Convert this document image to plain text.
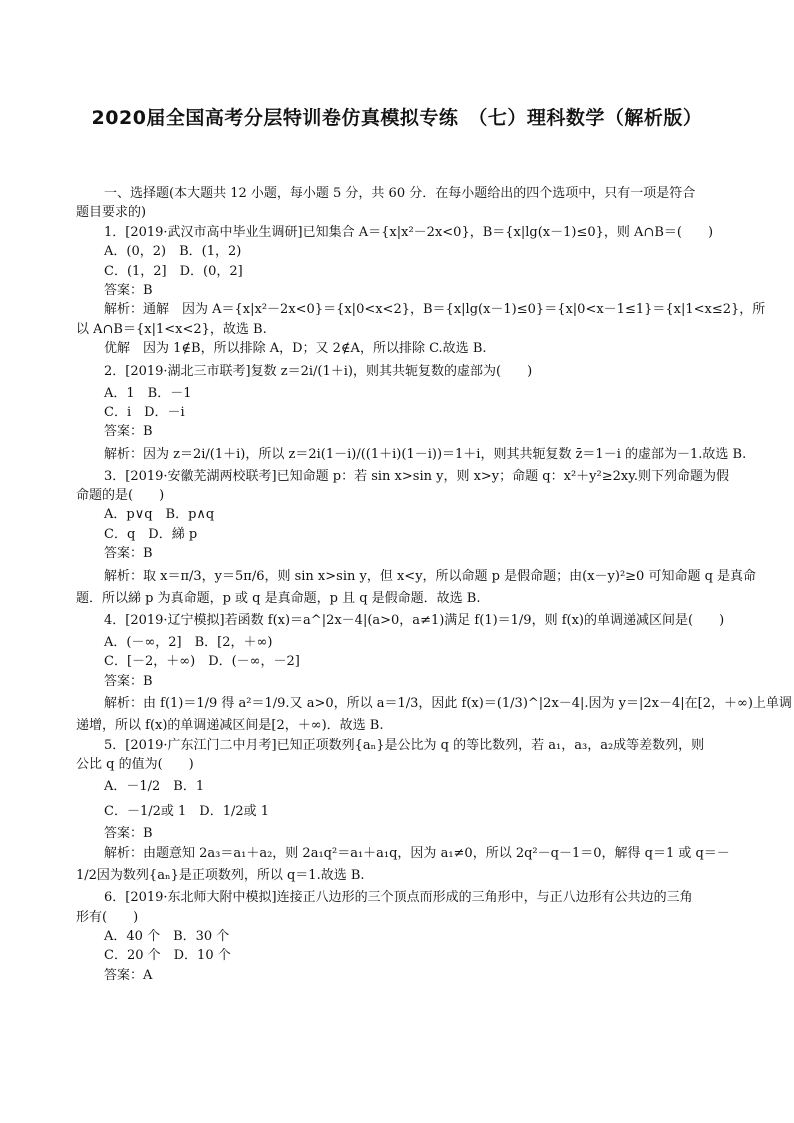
2020届全国高考分层特训卷仿真模拟专练　（七）理科数学（解析版）
一、选择题(本大题共 12 小题，每小题 5 分，共 60 分．在每小题给出的四个选项中，只有一项是符合
题目要求的)
1．[2019·武汉市高中毕业生调研]已知集合 A＝{x|x²－2x<0}，B＝{x|lg(x－1)≤0}，则 A∩B＝(　　)
A．(0，2)　B．(1，2)
C．(1，2]　D．(0，2]
答案：B
解析：通解　因为 A＝{x|x²－2x<0}＝{x|0<x<2}，B＝{x|lg(x－1)≤0}＝{x|0<x－1≤1}＝{x|1<x≤2}，所
以 A∩B＝{x|1<x<2}，故选 B.
优解　因为 1∉B，所以排除 A，D；又 2∉A，所以排除 C.故选 B.
2．[2019·湖北三市联考]复数 z＝2i/(1＋i)，则其共轭复数的虚部为(　　)
A．1　B．－1
C．i　D．－i
答案：B
解析：因为 z＝2i/(1＋i)，所以 z＝2i(1－i)/((1＋i)(1－i))＝1＋i，则其共轭复数 z̄＝1－i 的虚部为－1.故选 B.
3．[2019·安徽芜湖两校联考]已知命题 p：若 sin x>sin y，则 x>y；命题 q：x²＋y²≥2xy.则下列命题为假
命题的是(　　)
A．p∨q　B．p∧q
C．q　D．綈 p
答案：B
解析：取 x＝π/3，y＝5π/6，则 sin x>sin y，但 x<y，所以命题 p 是假命题；由(x－y)²≥0 可知命题 q 是真命
题．所以綈 p 为真命题，p 或 q 是真命题，p 且 q 是假命题．故选 B.
4．[2019·辽宁模拟]若函数 f(x)＝a^|2x－4|(a>0，a≠1)满足 f(1)＝1/9，则 f(x)的单调递减区间是(　　)
A．(－∞，2]　B．[2，＋∞)
C．[－2，＋∞)　D．(－∞，－2]
答案：B
解析：由 f(1)＝1/9 得 a²＝1/9.又 a>0，所以 a＝1/3，因此 f(x)＝(1/3)^|2x－4|.因为 y＝|2x－4|在[2，＋∞)上单调
递增，所以 f(x)的单调递减区间是[2，＋∞)．故选 B.
5．[2019·广东江门二中月考]已知正项数列{aₙ}是公比为 q 的等比数列，若 a₁，a₃，a₂成等差数列，则
公比 q 的值为(　　)
A．－1/2　B．1
C．－1/2或 1　D．1/2或 1
答案：B
解析：由题意知 2a₃＝a₁＋a₂，则 2a₁q²＝a₁＋a₁q，因为 a₁≠0，所以 2q²－q－1＝0，解得 q＝1 或 q＝－
1/2因为数列{aₙ}是正项数列，所以 q＝1.故选 B.
6．[2019·东北师大附中模拟]连接正八边形的三个顶点而形成的三角形中，与正八边形有公共边的三角
形有(　　)
A．40 个　B．30 个
C．20 个　D．10 个
答案：A
